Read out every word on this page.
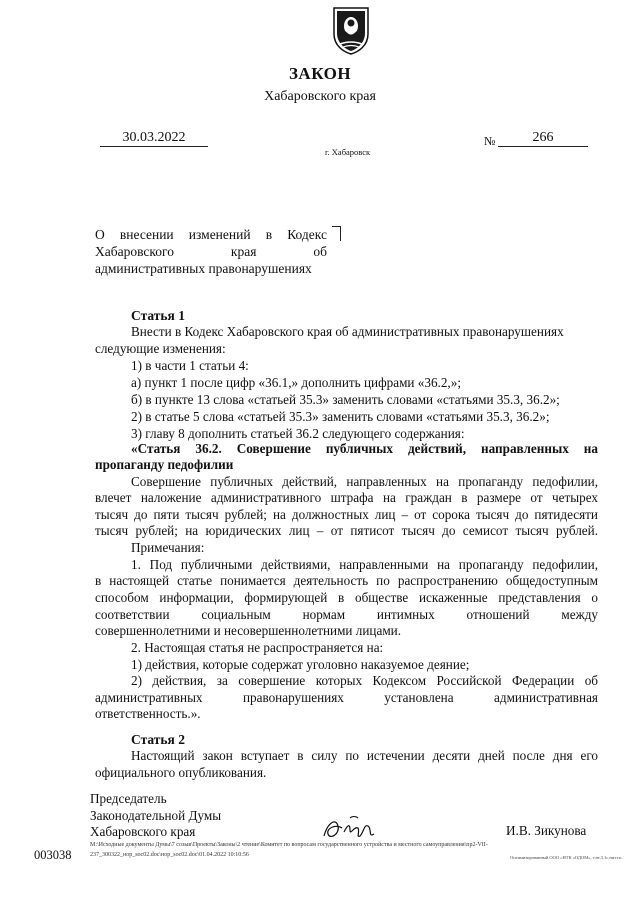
ЗАКОН
Хабаровского края
30.03.2022
г. Хабаровск
№	266
О внесении изменений в Кодекс
Хабаровского края об
административных правонарушениях
Статья 1
Внести в Кодекс Хабаровского края об административных правонарушениях
следующие изменения:
1) в части 1 статьи 4:
а) пункт 1 после цифр «36.1,» дополнить цифрами «36.2,»;
б) в пункте 13 слова «статьей 35.3» заменить словами «статьями 35.3, 36.2»;
2) в статье 5 слова «статьей 35.3» заменить словами «статьями 35.3, 36.2»;
3) главу 8 дополнить статьей 36.2 следующего содержания:
«Статья 36.2. Совершение публичных действий, направленных на
пропаганду педофилии
Совершение публичных действий, направленных на пропаганду педофилии,
влечет наложение административного штрафа на граждан в размере от четырех
тысяч до пяти тысяч рублей; на должностных лиц – от сорока тысяч до пятидесяти
тысяч рублей; на юридических лиц – от пятисот тысяч до семисот тысяч рублей.
Примечания:
1. Под публичными действиями, направленными на пропаганду педофилии,
в настоящей статье понимается деятельность по распространению общедоступным
способом информации, формирующей в обществе искаженные представления о
соответствии социальным нормам интимных отношений между
совершеннолетними и несовершеннолетними лицами.
2. Настоящая статья не распространяется на:
1) действия, которые содержат уголовно наказуемое деяние;
2) действия, за совершение которых Кодексом Российской Федерации об
административных правонарушениях установлена административная
ответственность.».
Статья 2
Настоящий закон вступает в силу по истечении десяти дней после дня его
официального опубликования.
Председатель
Законодательной Думы
Хабаровского края	И.В. Зикунова
003038
М:\Исходные документы Думы\7 созыв\Проекты\Законы\2 чтение\Комитет по вопросам государственного устройства и местного самоуправления\пр2-VII-
237_300322_нор_soc02.doc\нор_soc02.doc\01.04.2022 10:10:56	Оптимизированный ООО «НТК «ОДОМ», т.нт.3.1с.нитт.п.
